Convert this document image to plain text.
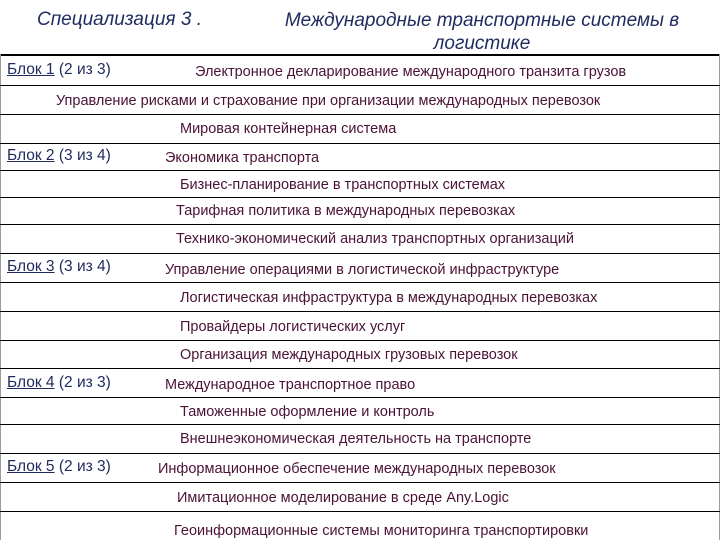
Специализация 3 .	Международные транспортные системы в логистике
Блок 1 (2 из 3)	Электронное декларирование международного транзита грузов
Управление рисками и страхование при организации международных перевозок
Мировая контейнерная система
Блок 2 (3 из 4)	Экономика транспорта
Бизнес-планирование в транспортных системах
Тарифная политика в международных перевозках
Технико-экономический анализ транспортных организаций
Блок 3 (3 из 4)	Управление операциями в логистической инфраструктуре
Логистическая инфраструктура в международных перевозках
Провайдеры логистических услуг
Организация международных грузовых перевозок
Блок 4 (2 из 3)	Международное транспортное право
Таможенные оформление и контроль
Внешнеэкономическая деятельность на транспорте
Блок 5 (2 из 3)	Информационное обеспечение международных перевозок
Имитационное моделирование в среде Any.Logic
Геоинформационные системы мониторинга транспортировки
